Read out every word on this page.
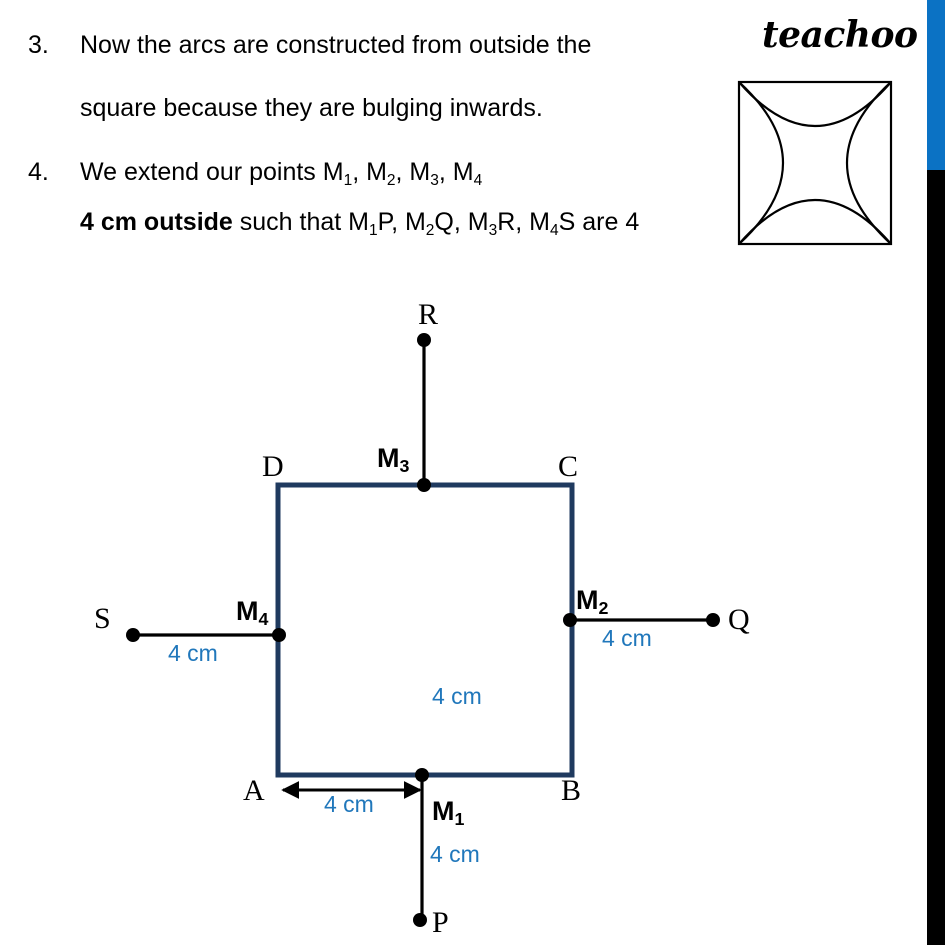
3. Now the arcs are constructed from outside the
square because they are bulging inwards.
4. We extend our points $M_1$, $M_2$, $M_3$, $M_4$
4 cm outside such that $M_1P$, $M_2Q$, $M_3R$, $M_4S$ are 4
teachoo
R
D	C
S	Q
A	B
P
$M_1$
$M_2$
$M_3$
$M_4$
4 cm
4 cm
4 cm
4 cm
4 cm
